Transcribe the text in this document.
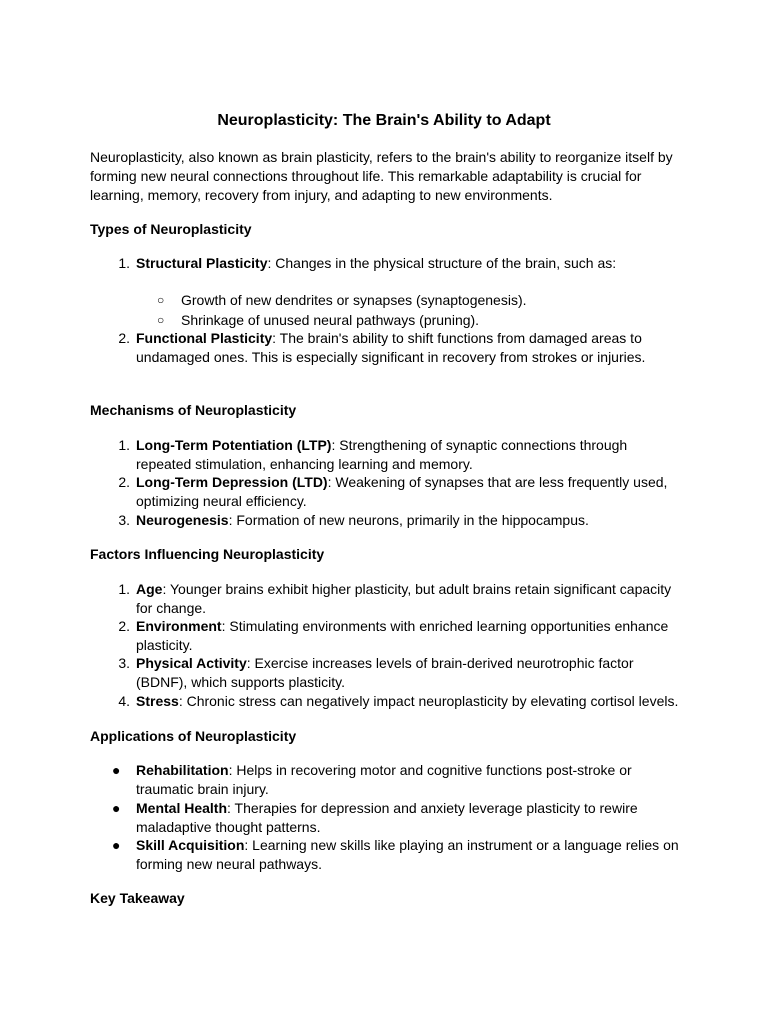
Neuroplasticity: The Brain's Ability to Adapt
Neuroplasticity, also known as brain plasticity, refers to the brain's ability to reorganize itself by forming new neural connections throughout life. This remarkable adaptability is crucial for learning, memory, recovery from injury, and adapting to new environments.
Types of Neuroplasticity
1. Structural Plasticity: Changes in the physical structure of the brain, such as:
○ Growth of new dendrites or synapses (synaptogenesis).
○ Shrinkage of unused neural pathways (pruning).
2. Functional Plasticity: The brain's ability to shift functions from damaged areas to undamaged ones. This is especially significant in recovery from strokes or injuries.
Mechanisms of Neuroplasticity
1. Long-Term Potentiation (LTP): Strengthening of synaptic connections through repeated stimulation, enhancing learning and memory.
2. Long-Term Depression (LTD): Weakening of synapses that are less frequently used, optimizing neural efficiency.
3. Neurogenesis: Formation of new neurons, primarily in the hippocampus.
Factors Influencing Neuroplasticity
1. Age: Younger brains exhibit higher plasticity, but adult brains retain significant capacity for change.
2. Environment: Stimulating environments with enriched learning opportunities enhance plasticity.
3. Physical Activity: Exercise increases levels of brain-derived neurotrophic factor (BDNF), which supports plasticity.
4. Stress: Chronic stress can negatively impact neuroplasticity by elevating cortisol levels.
Applications of Neuroplasticity
●	Rehabilitation: Helps in recovering motor and cognitive functions post-stroke or traumatic brain injury.
●	Mental Health: Therapies for depression and anxiety leverage plasticity to rewire maladaptive thought patterns.
●	Skill Acquisition: Learning new skills like playing an instrument or a language relies on forming new neural pathways.
Key Takeaway
